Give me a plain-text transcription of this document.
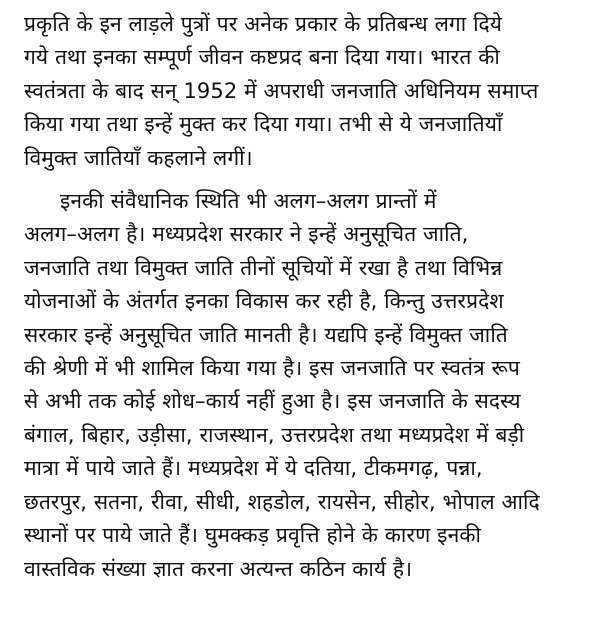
प्रकृति के इन लाड़ले पुत्रों पर अनेक प्रकार के प्रतिबन्ध लगा दिये
गये तथा इनका सम्पूर्ण जीवन कष्टप्रद बना दिया गया। भारत की
स्वतंत्रता के बाद सन् 1952 में अपराधी जनजाति अधिनियम समाप्त
किया गया तथा इन्हें मुक्त कर दिया गया। तभी से ये जनजातियाँ
विमुक्त जातियाँ कहलाने लगीं।

इनकी संवैधानिक स्थिति भी अलग–अलग प्रान्तों में
अलग–अलग है। मध्यप्रदेश सरकार ने इन्हें अनुसूचित जाति,
जनजाति तथा विमुक्त जाति तीनों सूचियों में रखा है तथा विभिन्न
योजनाओं के अंतर्गत इनका विकास कर रही है, किन्तु उत्तरप्रदेश
सरकार इन्हें अनुसूचित जाति मानती है। यद्यपि इन्हें विमुक्त जाति
की श्रेणी में भी शामिल किया गया है। इस जनजाति पर स्वतंत्र रूप
से अभी तक कोई शोध–कार्य नहीं हुआ है। इस जनजाति के सदस्य
बंगाल, बिहार, उड़ीसा, राजस्थान, उत्तरप्रदेश तथा मध्यप्रदेश में बड़ी
मात्रा में पाये जाते हैं। मध्यप्रदेश में ये दतिया, टीकमगढ़, पन्ना,
छतरपुर, सतना, रीवा, सीधी, शहडोल, रायसेन, सीहोर, भोपाल आदि
स्थानों पर पाये जाते हैं। घुमक्कड़ प्रवृत्ति होने के कारण इनकी
वास्तविक संख्या ज्ञात करना अत्यन्त कठिन कार्य है।
